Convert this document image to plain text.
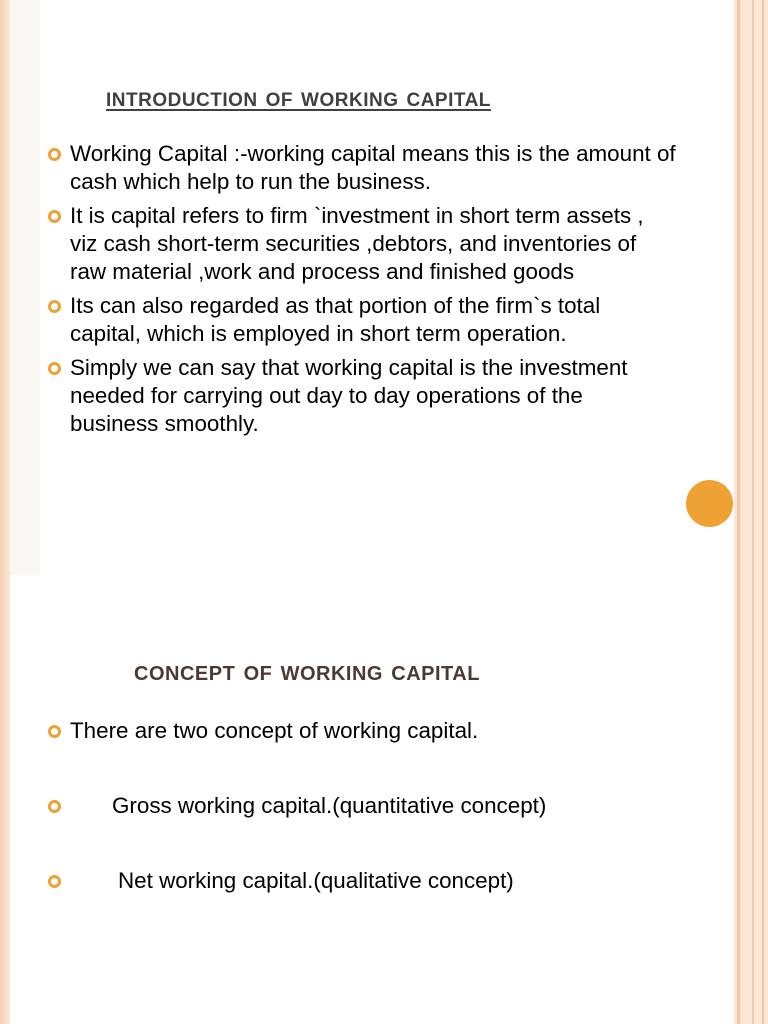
introduction of working capital
Working Capital :-working capital means this is the amount of cash which help to run the business.
It is capital refers to firm `investment in short term assets , viz cash short-term securities ,debtors, and inventories of raw material ,work and process and finished goods
Its can also regarded as that portion of the firm`s total capital, which is employed in short term operation.
Simply we can say that working capital is the investment needed for carrying out day to day operations of the business smoothly.
concept of working capital
There are two concept of working capital.
Gross working capital.(quantitative concept)
Net working capital.(qualitative concept)
